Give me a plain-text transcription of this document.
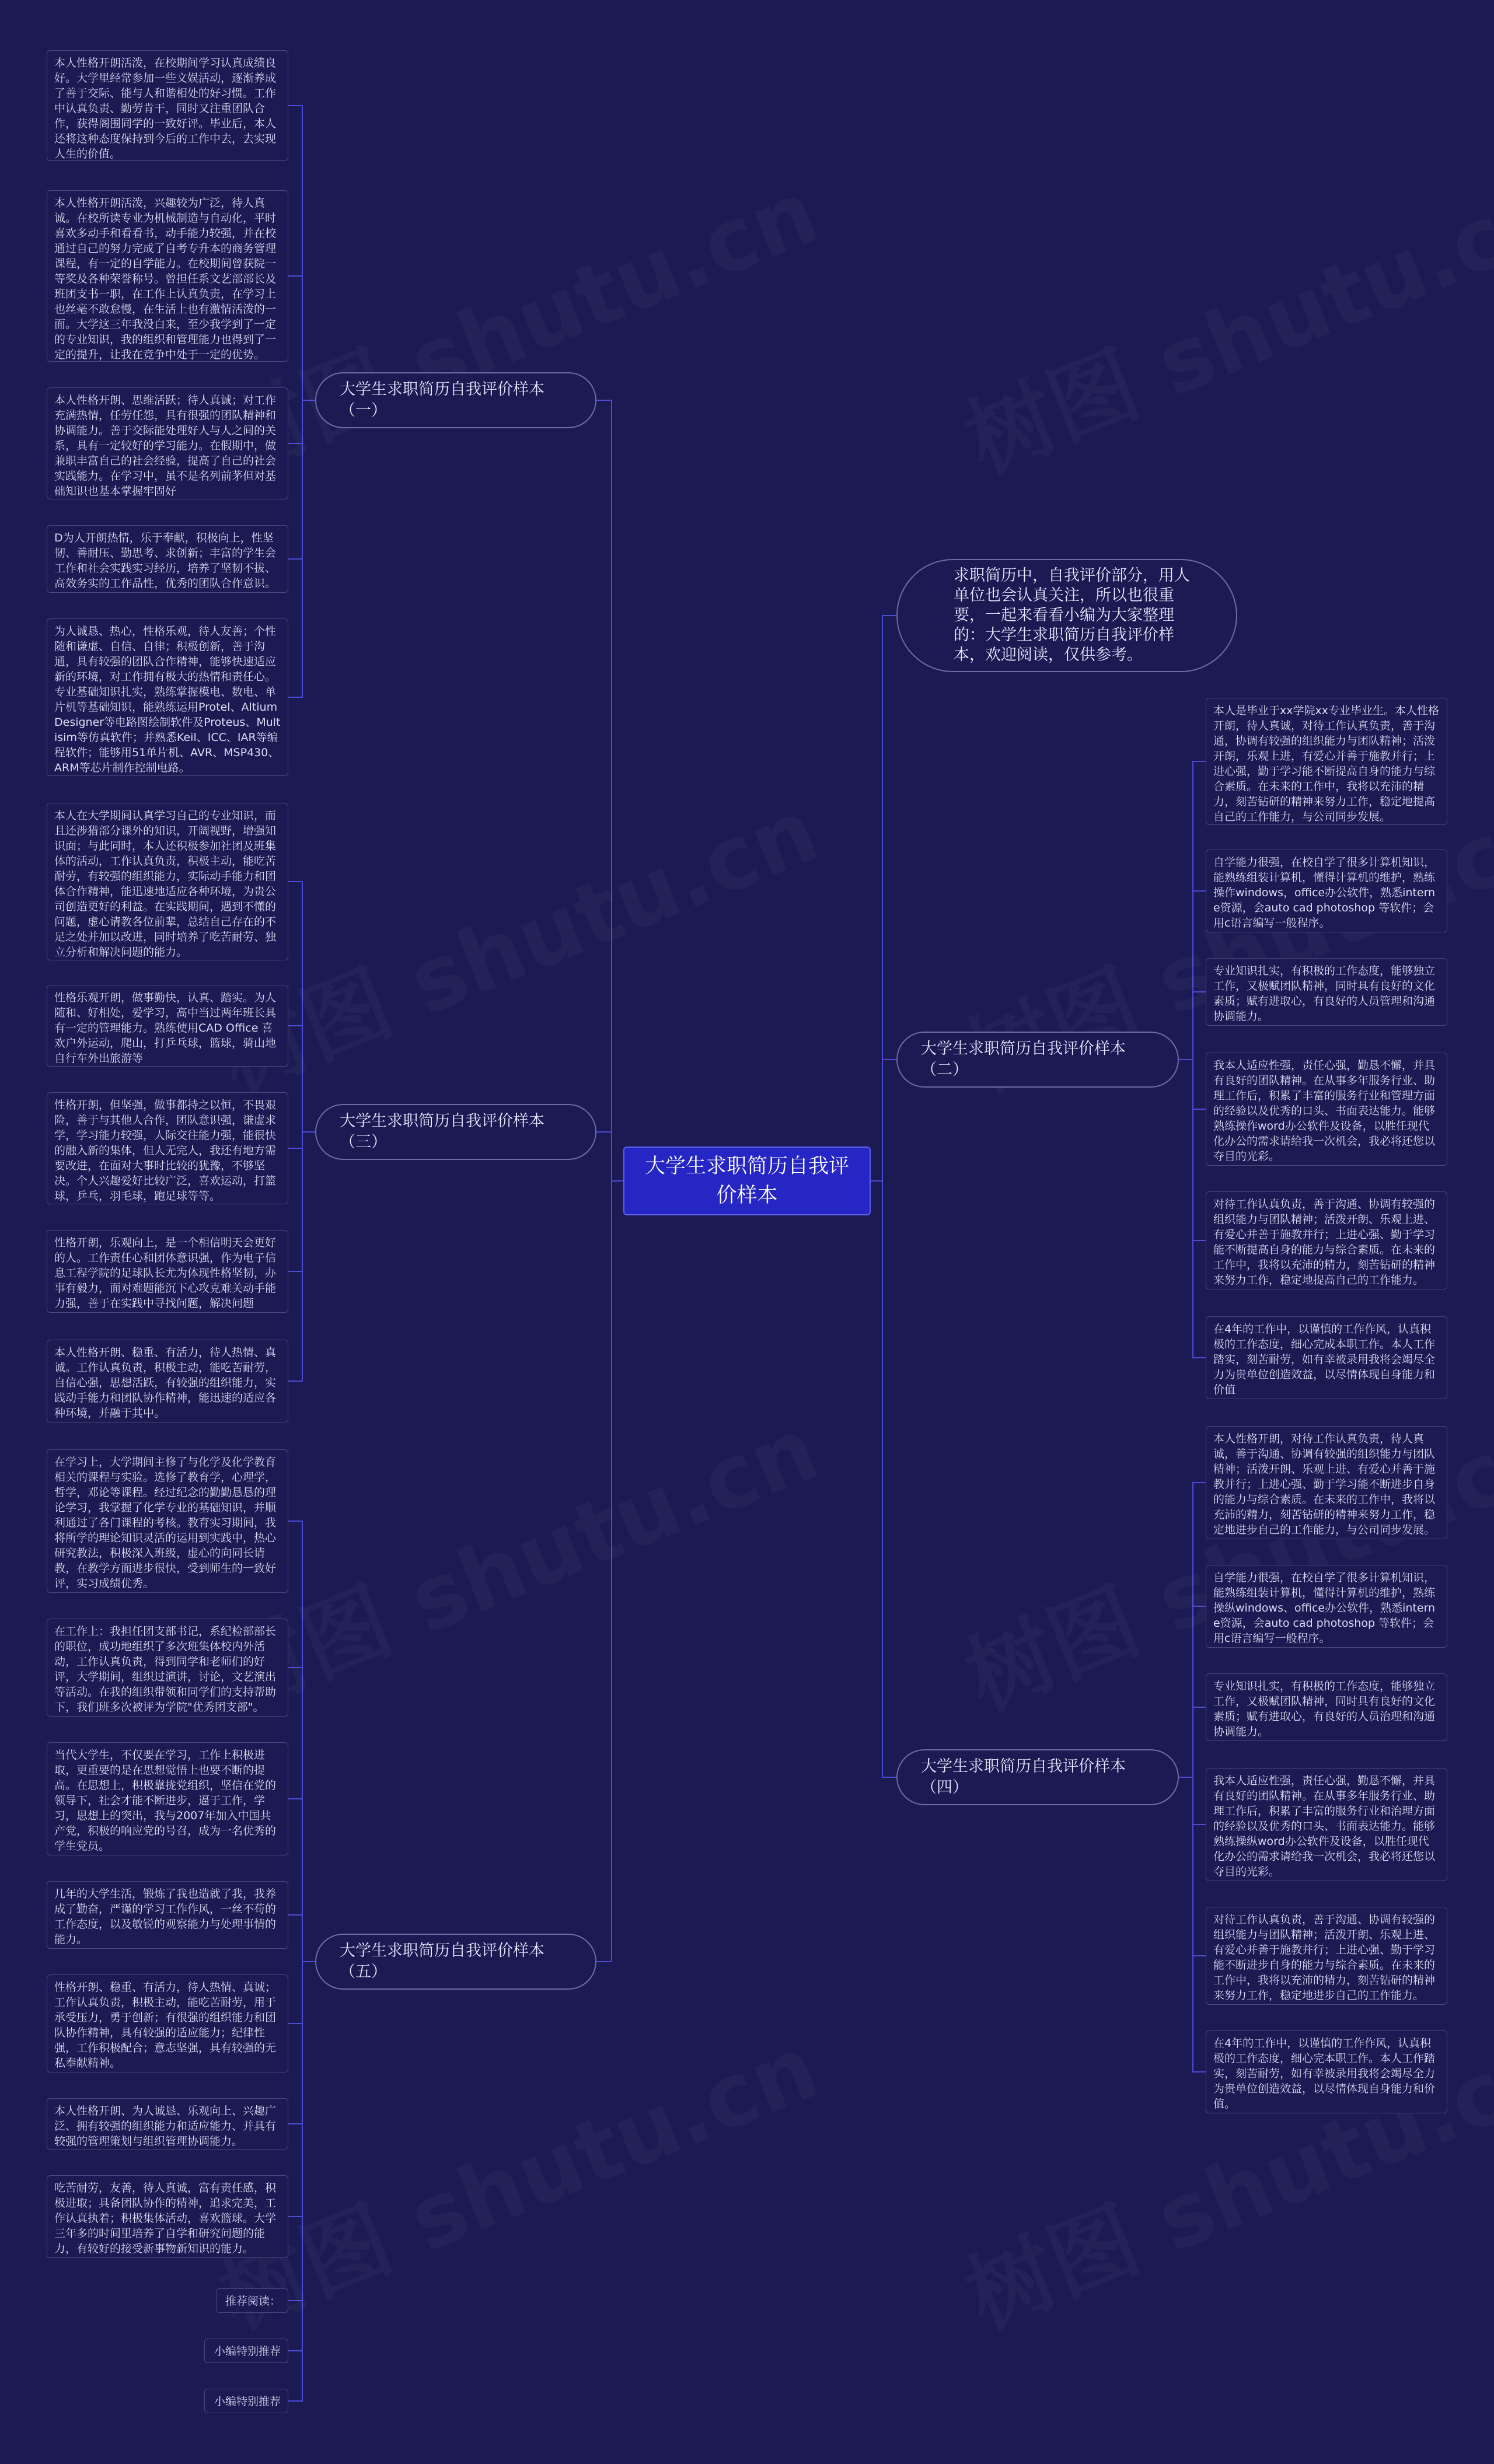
大学生求职简历自我评价样本
求职简历中，自我评价部分，用人单位也会认真关注，所以也很重要，一起来看看小编为大家整理的：大学生求职简历自我评价样本，欢迎阅读，仅供参考。
大学生求职简历自我评价样本（一）
本人性格开朗活泼，在校期间学习认真成绩良好。大学里经常参加一些文娱活动，逐渐养成了善于交际、能与人和谐相处的好习惯。工作中认真负责、勤劳肯干，同时又注重团队合作，获得阁围同学的一致好评。毕业后，本人还将这种态度保持到今后的工作中去，去实现人生的价值。
本人性格开朗活泼，兴趣较为广泛，待人真诚。在校所读专业为机械制造与自动化，平时喜欢多动手和看看书，动手能力较强，并在校通过自己的努力完成了自考专升本的商务管理课程，有一定的自学能力。在校期间曾获院一等奖及各种荣誉称号。曾担任系文艺部部长及班团支书一职，在工作上认真负责，在学习上也丝毫不敢怠慢，在生活上也有激情活泼的一面。大学这三年我没白来，至少我学到了一定的专业知识，我的组织和管理能力也得到了一定的提升，让我在竞争中处于一定的优势。
本人性格开朗、思维活跃；待人真诚；对工作充满热情，任劳任怨，具有很强的团队精神和协调能力。善于交际能处理好人与人之间的关系，具有一定较好的学习能力。在假期中，做兼职丰富自己的社会经验，提高了自己的社会实践能力。在学习中，虽不是名列前茅但对基础知识也基本掌握牢固好
D为人开朗热情，乐于奉献，积极向上，性坚韧、善耐压、勤思考、求创新；丰富的学生会工作和社会实践实习经历，培养了坚韧不拔、高效务实的工作品性，优秀的团队合作意识。
为人诚恳、热心，性格乐观，待人友善；个性随和谦虚、自信、自律；积极创新，善于沟通，具有较强的团队合作精神，能够快速适应新的环境，对工作拥有极大的热情和责任心。专业基础知识扎实，熟练掌握模电、数电、单片机等基础知识，能熟练运用Protel、Altium Designer等电路图绘制软件及Proteus、Multisim等仿真软件；并熟悉Keil、ICC、IAR等编程软件；能够用51单片机、AVR、MSP430、ARM等芯片制作控制电路。
大学生求职简历自我评价样本（三）
本人在大学期间认真学习自己的专业知识，而且还涉猎部分课外的知识，开阔视野，增强知识面；与此同时，本人还积极参加社团及班集体的活动，工作认真负责，积极主动，能吃苦耐劳，有较强的组织能力，实际动手能力和团体合作精神，能迅速地适应各种环境，为贵公司创造更好的利益。在实践期间，遇到不懂的问题，虚心请教各位前辈，总结自己存在的不足之处并加以改进，同时培养了吃苦耐劳、独立分析和解决问题的能力。
性格乐观开朗，做事勤快，认真、踏实。为人随和、好相处，爱学习，高中当过两年班长具有一定的管理能力。熟练使用CAD Office 喜欢户外运动，爬山，打乒乓球，篮球，骑山地自行车外出旅游等
性格开朗，但坚强，做事都持之以恒，不畏艰险，善于与其他人合作，团队意识强，谦虚求学，学习能力较强，人际交往能力强，能很快的融入新的集体，但人无完人，我还有地方需要改进，在面对大事时比较的犹豫，不够坚决。个人兴趣爱好比较广泛，喜欢运动，打篮球，乒乓，羽毛球，跑足球等等。
性格开朗，乐观向上，是一个相信明天会更好的人。工作责任心和团体意识强，作为电子信息工程学院的足球队长尤为体现性格坚韧，办事有毅力，面对难题能沉下心攻克难关动手能力强，善于在实践中寻找问题，解决问题
本人性格开朗、稳重、有活力，待人热情、真诚。工作认真负责，积极主动，能吃苦耐劳，自信心强，思想活跃，有较强的组织能力，实践动手能力和团队协作精神，能迅速的适应各种环境，并融于其中。
大学生求职简历自我评价样本（五）
在学习上，大学期间主修了与化学及化学教育相关的课程与实验。选修了教育学，心理学，哲学，邓论等课程。经过纪念的勤勤恳恳的理论学习，我掌握了化学专业的基础知识，并顺利通过了各门课程的考核。教育实习期间，我将所学的理论知识灵活的运用到实践中，热心研究教法，积极深入班级，虚心的向同长请教，在教学方面进步很快，受到师生的一致好评，实习成绩优秀。
在工作上：我担任团支部书记，系纪检部部长的职位，成功地组织了多次班集体校内外活动，工作认真负责，得到同学和老师们的好评，大学期间，组织过演讲，讨论，文艺演出等活动。在我的组织带领和同学们的支持帮助下，我们班多次被评为学院"优秀团支部"。
当代大学生，不仅要在学习，工作上积极进取，更重要的是在思想觉悟上也要不断的提高。在思想上，积极靠拢党组织，坚信在党的领导下，社会才能不断进步，逼于工作，学习，思想上的突出，我与2007年加入中国共产党，积极的响应党的号召，成为一名优秀的学生党员。
几年的大学生活，锻炼了我也造就了我，我养成了勤奋，严谨的学习工作作风，一丝不苟的工作态度，以及敏锐的观察能力与处理事情的能力。
性格开朗、稳重、有活力，待人热情、真诚；工作认真负责，积极主动，能吃苦耐劳，用于承受压力，勇于创新；有很强的组织能力和团队协作精神，具有较强的适应能力；纪律性强，工作积极配合；意志坚强，具有较强的无私奉献精神。
本人性格开朗、为人诚恳、乐观向上、兴趣广泛、拥有较强的组织能力和适应能力、并具有较强的管理策划与组织管理协调能力。
吃苦耐劳，友善，待人真诚，富有责任感，积极进取；具备团队协作的精神，追求完美，工作认真执着；积极集体活动，喜欢篮球。大学三年多的时间里培养了自学和研究问题的能力，有较好的接受新事物新知识的能力。
推荐阅读：
小编特别推荐
小编特别推荐
大学生求职简历自我评价样本（二）
本人是毕业于xx学院xx专业毕业生。本人性格开朗，待人真诚，对待工作认真负责，善于沟通，协调有较强的组织能力与团队精神；活泼开朗，乐观上进，有爱心并善于施教并行；上进心强，勤于学习能不断提高自身的能力与综合素质。在未来的工作中，我将以充沛的精力，刻苦钻研的精神来努力工作，稳定地提高自己的工作能力，与公司同步发展。
自学能力很强，在校自学了很多计算机知识，能熟练组装计算机，懂得计算机的维护，熟练操作windows，office办公软件，熟悉interne资源，会auto cad photoshop 等软件；会用c语言编写一般程序。
专业知识扎实，有积极的工作态度，能够独立工作，又极赋团队精神，同时具有良好的文化素质；赋有进取心，有良好的人员管理和沟通协调能力。
我本人适应性强，责任心强，勤恳不懈，并具有良好的团队精神。在从事多年服务行业、助理工作后，积累了丰富的服务行业和管理方面的经验以及优秀的口头、书面表达能力。能够熟练操作word办公软件及设备，以胜任现代化办公的需求请给我一次机会，我必将还您以夺目的光彩。
对待工作认真负责，善于沟通、协调有较强的组织能力与团队精神；活泼开朗、乐观上进、有爱心并善于施教并行；上进心强、勤于学习能不断提高自身的能力与综合素质。在未来的工作中，我将以充沛的精力，刻苦钻研的精神来努力工作，稳定地提高自己的工作能力。
在4年的工作中，以谨慎的工作作风，认真积极的工作态度，细心完成本职工作。本人工作踏实，刻苦耐劳，如有幸被录用我将会竭尽全力为贵单位创造效益，以尽情体现自身能力和价值
大学生求职简历自我评价样本（四）
本人性格开朗，对待工作认真负责，待人真诚，善于沟通、协调有较强的组织能力与团队精神；活泼开朗、乐观上进、有爱心并善于施教并行；上进心强、勤于学习能不断进步自身的能力与综合素质。在未来的工作中，我将以充沛的精力，刻苦钻研的精神来努力工作，稳定地进步自己的工作能力，与公司同步发展。
自学能力很强，在校自学了很多计算机知识，能熟练组装计算机，懂得计算机的维护，熟练操纵windows、office办公软件，熟悉interne资源，会auto cad photoshop 等软件；会用c语言编写一般程序。
专业知识扎实，有积极的工作态度，能够独立工作，又极赋团队精神，同时具有良好的文化素质；赋有进取心，有良好的人员治理和沟通协调能力。
我本人适应性强，责任心强，勤恳不懈，并具有良好的团队精神。在从事多年服务行业、助理工作后，积累了丰富的服务行业和治理方面的经验以及优秀的口头、书面表达能力。能够熟练操纵word办公软件及设备，以胜任现代化办公的需求请给我一次机会，我必将还您以夺目的光彩。
对待工作认真负责，善于沟通、协调有较强的组织能力与团队精神；活泼开朗、乐观上进、有爱心并善于施教并行；上进心强、勤于学习能不断进步自身的能力与综合素质。在未来的工作中，我将以充沛的精力，刻苦钻研的精神来努力工作，稳定地进步自己的工作能力。
在4年的工作中，以谨慎的工作作风，认真积极的工作态度，细心完本职工作。本人工作踏实，刻苦耐劳，如有幸被录用我将会竭尽全力为贵单位创造效益，以尽情体现自身能力和价值。
